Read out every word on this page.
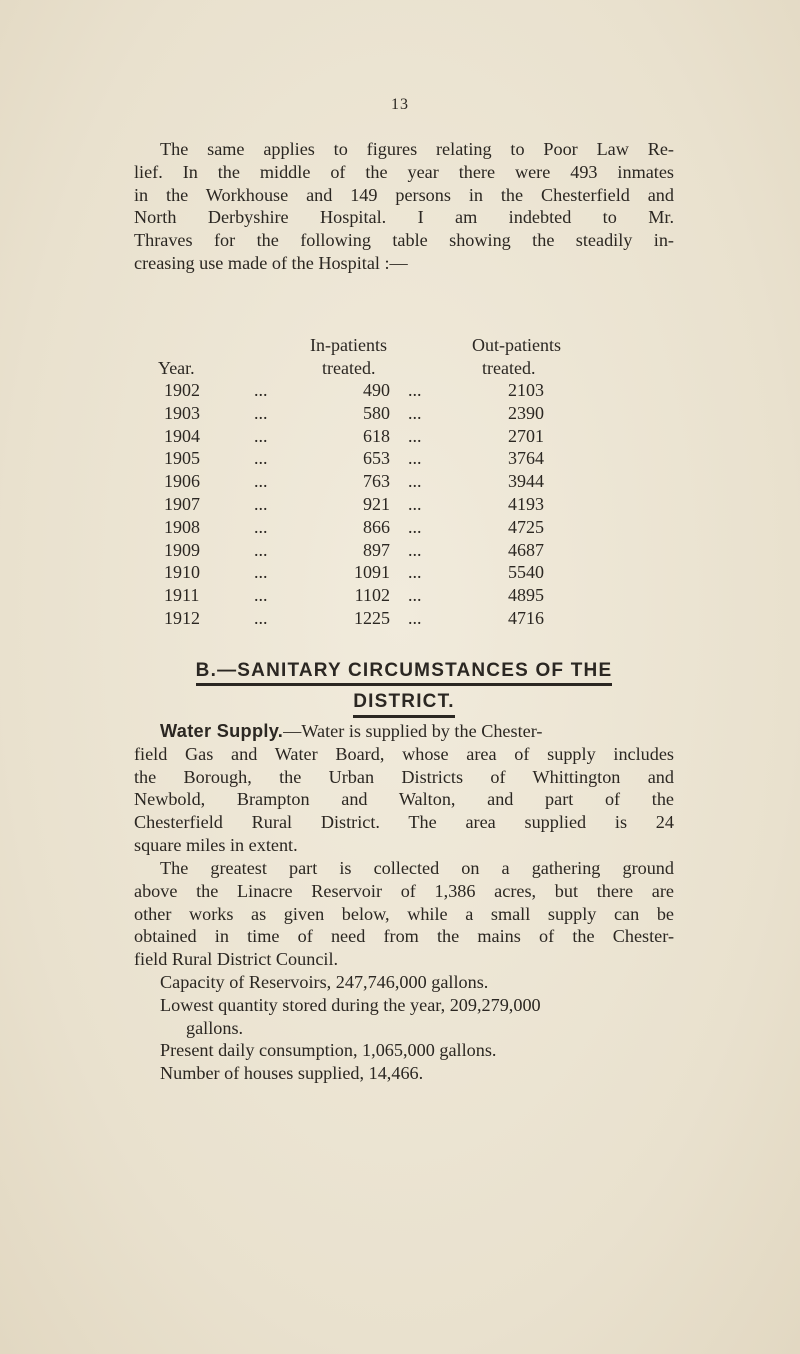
13
The same applies to figures relating to Poor Law Re-
lief. In the middle of the year there were 493 inmates
in the Workhouse and 149 persons in the Chesterfield and
North Derbyshire Hospital. I am indebted to Mr.
Thraves for the following table showing the steadily in-
creasing use made of the Hospital :—
In-patients	Out-patients
Year.	treated.	treated.
1902	...	490 ...	2103
1903	...	580 ...	2390
1904	...	618 ...	2701
1905	...	653 ...	3764
1906	...	763 ...	3944
1907	...	921 ...	4193
1908	...	866 ...	4725
1909	...	897 ...	4687
1910	...	1091 ...	5540
1911	...	1102 ...	4895
1912	...	1225 ...	4716
B.—SANITARY CIRCUMSTANCES OF THE
DISTRICT.
Water Supply.—Water is supplied by the Chester-
field Gas and Water Board, whose area of supply includes
the Borough, the Urban Districts of Whittington and
Newbold, Brampton and Walton, and part of the
Chesterfield Rural District. The area supplied is 24
square miles in extent.
The greatest part is collected on a gathering ground
above the Linacre Reservoir of 1,386 acres, but there are
other works as given below, while a small supply can be
obtained in time of need from the mains of the Chester-
field Rural District Council.
Capacity of Reservoirs, 247,746,000 gallons.
Lowest quantity stored during the year, 209,279,000
gallons.
Present daily consumption, 1,065,000 gallons.
Number of houses supplied, 14,466.
